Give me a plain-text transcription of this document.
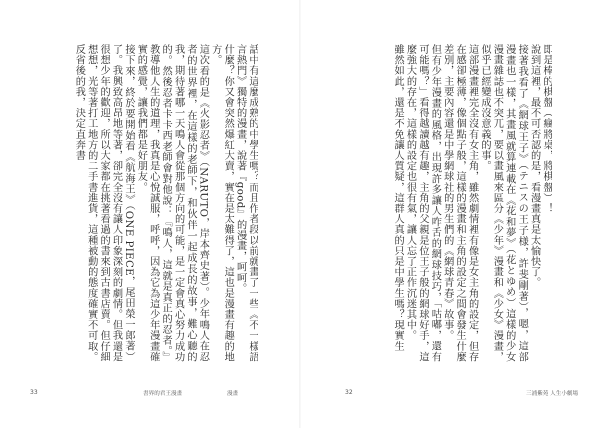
話中有這麼成熟的中學生嗎？而且作者段以前就畫了一些《不一樣語言熱門》獨特的漫畫，說著『good』的漫畫，呵呵。

什麼？你又會突然爆紅大賣，實在是太難得了，這也是漫畫有趣的地方。

這次看的是《火影忍者》（NARUTO，岸本齊史著）。少年鳴人在忍者的世界裡，在這樣的老師下，和伙伴一起成長的故事，難心聽的我，期待著哪一天鳴人會從那個方向的可能，是一定會真心努力成功的。然後忍者卡卡西老師會對他說：『鳴人，這就是真正的忍者。』教導他人生的道理，我真是心悅誠服，呼呼，因為它為這少年漫畫確實的感覺，讓我們都是好朋友。

接下來，終於要開始看《航海王》（ONE PIECE，尾田榮一郎著）了。我興致高昂地等著，卻完全沒有讓人印象深刻的劇情。但我還是很想少年的歡迎，所以大家都在挑著看過的書來到古書店賣。但仔細想想，光等著打工地方的二手書進貨，這種被動的態度確實不可取。反省後的我，決定直奔書

33	書界的君王漫畫	漫畫

即是棒的棋盤（瘋將桌，將棋盤）！

說到這裡，最不可否認的是，看漫畫真是太愉快了。

接著我看了《網球王子》（テニスの王子様，許斐剛著），嗯，這部漫畫也一樣，其畫風就算連載在《花和夢》（花とゆめ）這樣的少女漫畫雜誌也不突兀，要以畫風來區分《少年》漫畫和《少女》漫畫，似乎已經變成沒意義的事。

這部漫畫裡完全沒有女主角，雖然劇情裡有像是女主角的設定，但存在感卻極薄，像個點子般，這樣的漫畫和主角的設定之間會發生什麼差別，主要內容還是中學網球社的男生們的《網球青春》故事。

但有少年漫畫的風格，出現許多讓人咋舌的網球技巧，「咕嘟，還有可能嗎？」看得越讀越有趣，主角的父親是位王子般的網球好手，這麼強大的存在，這樣的設定也很有氣，讓人忘了正作沉迷其中。

雖然如此，還是不免讓人質疑，這群人真的只是中學生嗎？現實生

32	三浦紫苑 人生小劇場
